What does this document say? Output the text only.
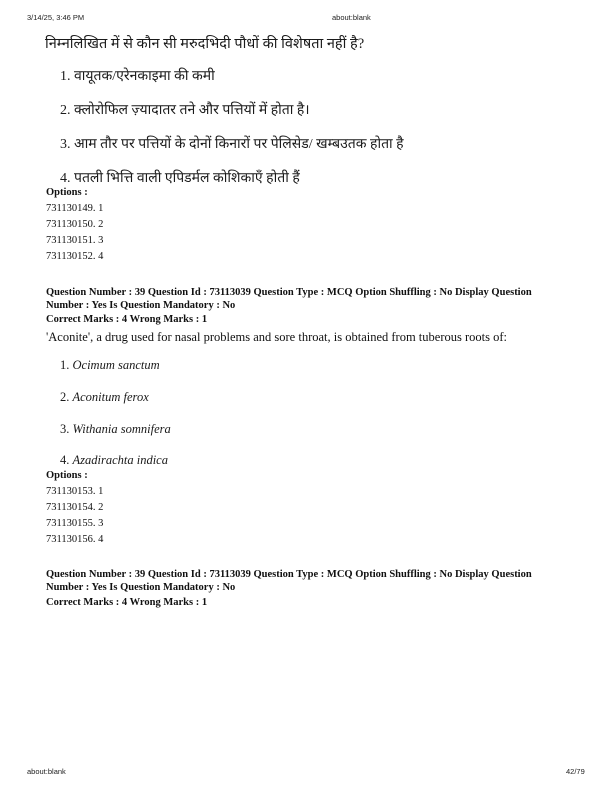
3/14/25, 3:46 PM	about:blank
निम्नलिखित में से कौन सी मरुदभिदी पौधों की विशेषता नहीं है?
1. वायूतक/एरेनकाइमा की कमी
2. क्लोरोफिल ज़्यादातर तने और पत्तियों में होता है।
3. आम तौर पर पत्तियों के दोनों किनारों पर पेलिसेड/ खम्बउतक होता है
4. पतली भित्ति वाली एपिडर्मल कोशिकाएँ होती हैं
Options :
731130149. 1
731130150. 2
731130151. 3
731130152. 4
Question Number : 39 Question Id : 73113039 Question Type : MCQ Option Shuffling : No Display Question Number : Yes Is Question Mandatory : No
Correct Marks : 4 Wrong Marks : 1
'Aconite', a drug used for nasal problems and sore throat, is obtained from tuberous roots of:
1. Ocimum sanctum
2. Aconitum ferox
3. Withania somnifera
4. Azadirachta indica
Options :
731130153. 1
731130154. 2
731130155. 3
731130156. 4
Question Number : 39 Question Id : 73113039 Question Type : MCQ Option Shuffling : No Display Question Number : Yes Is Question Mandatory : No
Correct Marks : 4 Wrong Marks : 1
about:blank	42/79
